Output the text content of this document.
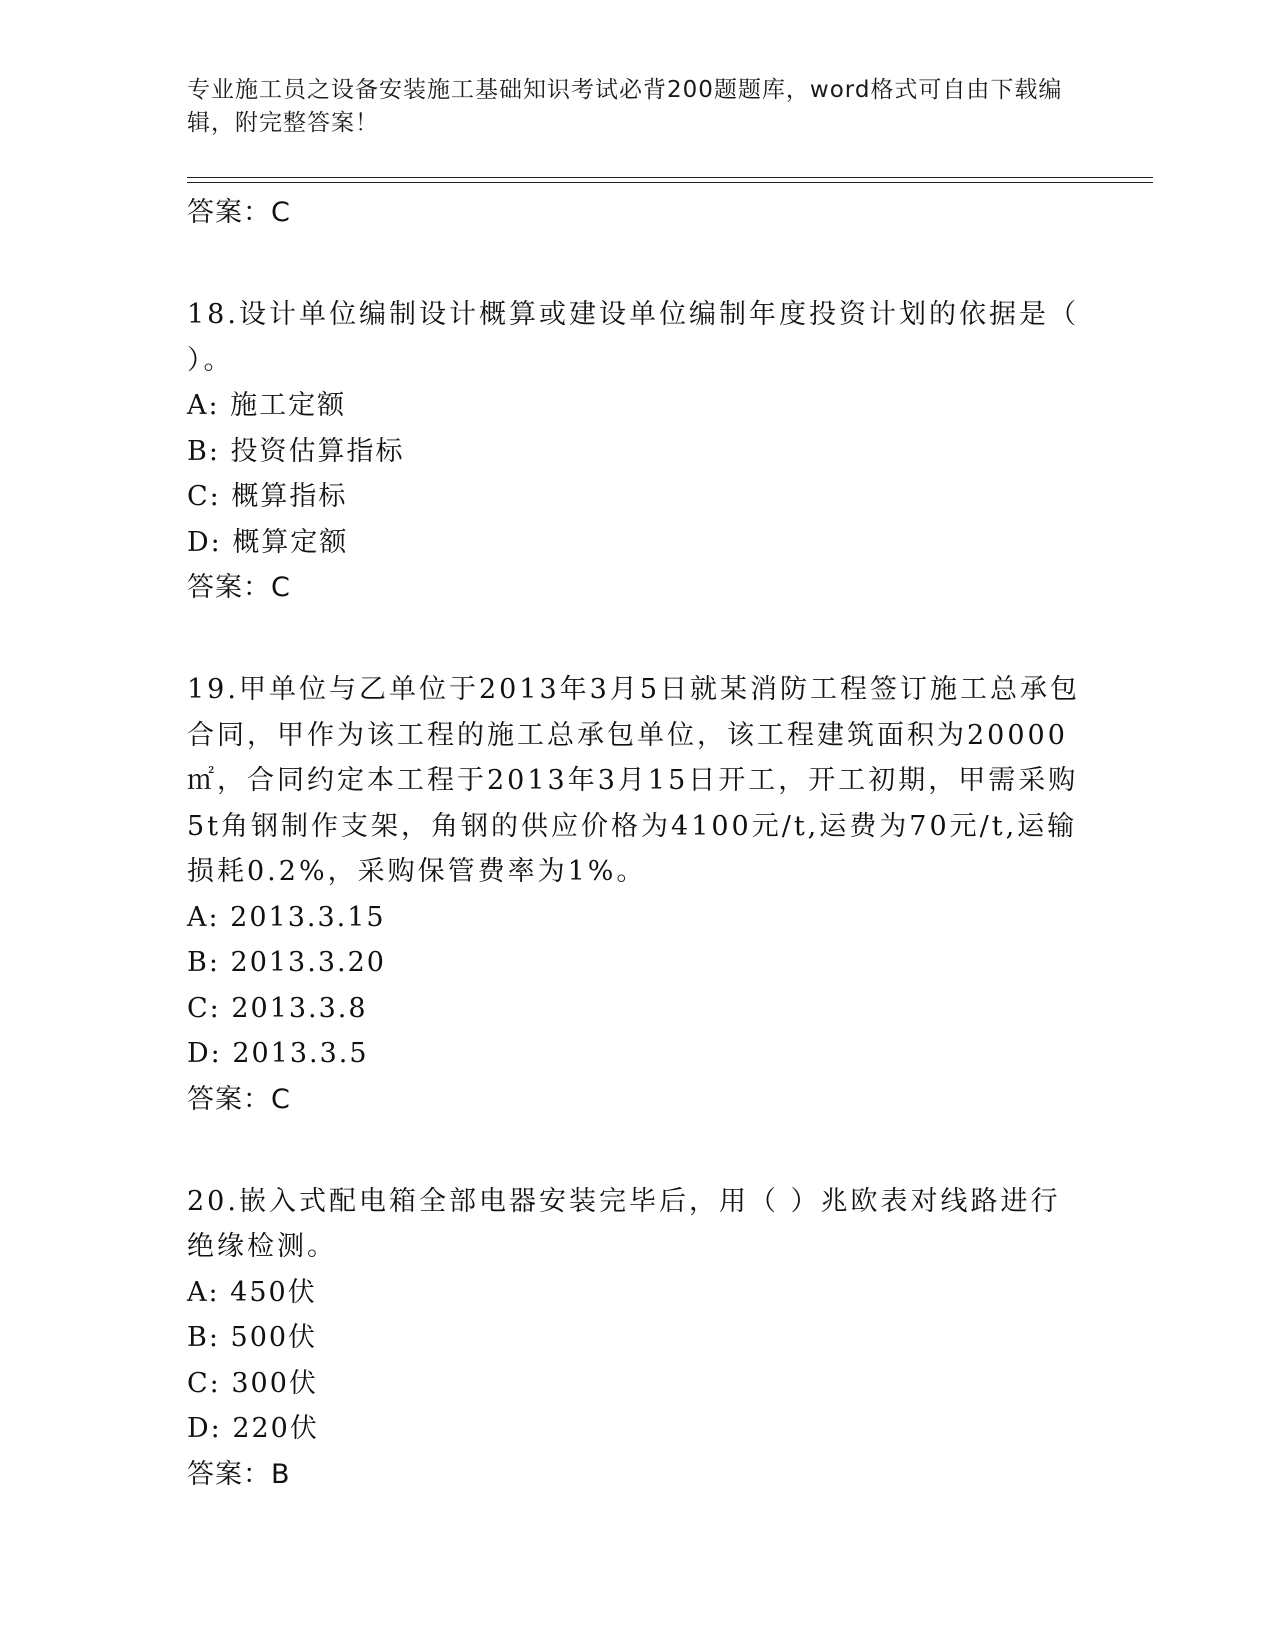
专业施工员之设备安装施工基础知识考试必背200题题库，word格式可自由下载编辑，附完整答案！
答案：C

18.设计单位编制设计概算或建设单位编制年度投资计划的依据是（ ）。

A: 施工定额
B: 投资估算指标
C: 概算指标
D: 概算定额
答案：C

19.甲单位与乙单位于2013年3月5日就某消防工程签订施工总承包合同，甲作为该工程的施工总承包单位，该工程建筑面积为20000㎡，合同约定本工程于2013年3月15日开工，开工初期，甲需采购5t角钢制作支架，角钢的供应价格为4100元/t,运费为70元/t,运输损耗0.2%，采购保管费率为1%。

A: 2013.3.15
B: 2013.3.20
C: 2013.3.8
D: 2013.3.5
答案：C

20.嵌入式配电箱全部电器安装完毕后，用（ ）兆欧表对线路进行绝缘检测。

A: 450伏
B: 500伏
C: 300伏
D: 220伏
答案：B
